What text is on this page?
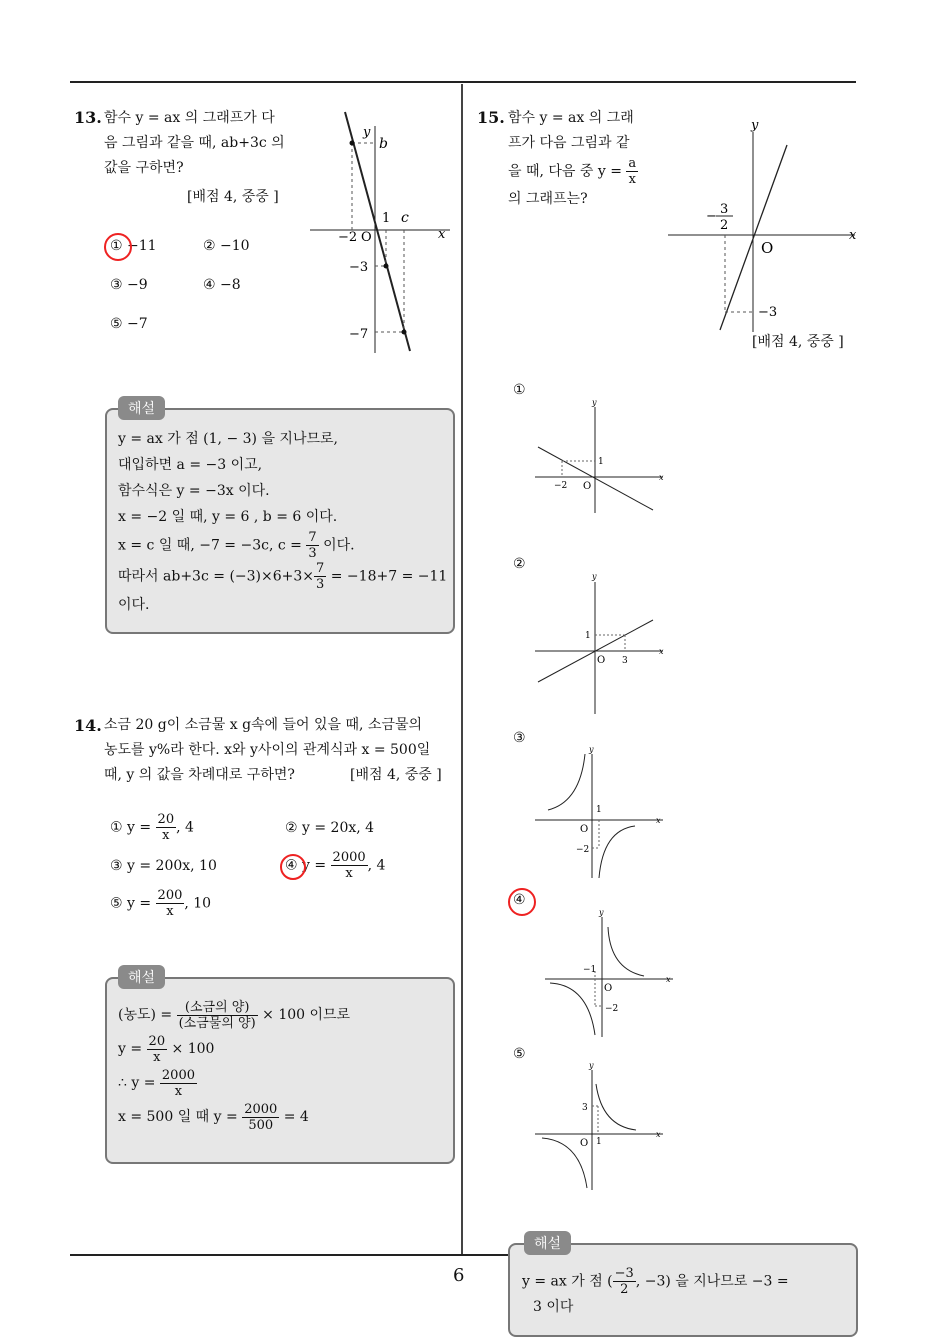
6
13. 함수 y = ax 의 그래프가 다
음 그림과 같을 때, ab+3c 의
값을 구하면?
[배점 4, 중중 ]
① −11	② −10
③ −9	④ −8
⑤ −7
y
b
1 c
x
−2 O
−3
−7
해설
y = ax 가 점 (1, − 3) 을 지나므로,
대입하면 a = −3 이고,
함수식은 y = −3x 이다.
x = −2 일 때, y = 6 , b = 6 이다.
x = c 일 때, −7 = −3c, $c = \frac{7}{3}$ 이다.
따라서 $ab+3c = (-3)\times 6+3\times \frac{7}{3} = -18+7 = -11$
이다.
14. 소금 20 g이 소금물 x g속에 들어 있을 때, 소금물의
농도를 y%라 한다. x와 y사이의 관계식과 x = 500일
때, y 의 값을 차례대로 구하면?	[배점 4, 중중 ]
① $y = \frac{20}{x}$ , 4	② y = 20x, 4
③ y = 200x, 10	④ $y = \frac{2000}{x}$ , 4
⑤ $y = \frac{200}{x}$ , 10
해설
(농도) = $\frac{\text{(소금의 양)}}{\text{(소금물의 양)}} \times 100$ 이므로
$y = \frac{20}{x} \times 100$
∴ $y = \frac{2000}{x}$
x = 500 일 때 $y = \frac{2000}{500} = 4$
15. 함수 y = ax 의 그래
프가 다음 그림과 같
을 때, 다음 중 $y = \frac{a}{x}$
의 그래프는?
y
x
O
− 3
2
−3
[배점 4, 중중 ]
①
y
x
1
−2 O
②
y
x
1
O 3
③
y
x
1
O
−2
④
y
x
−1
O
−2
⑤
y
x
3
O 1
해설
y = ax 가 점 ( $\frac{-3}{2}$ , −3) 을 지나므로 −3 =
3 이다
